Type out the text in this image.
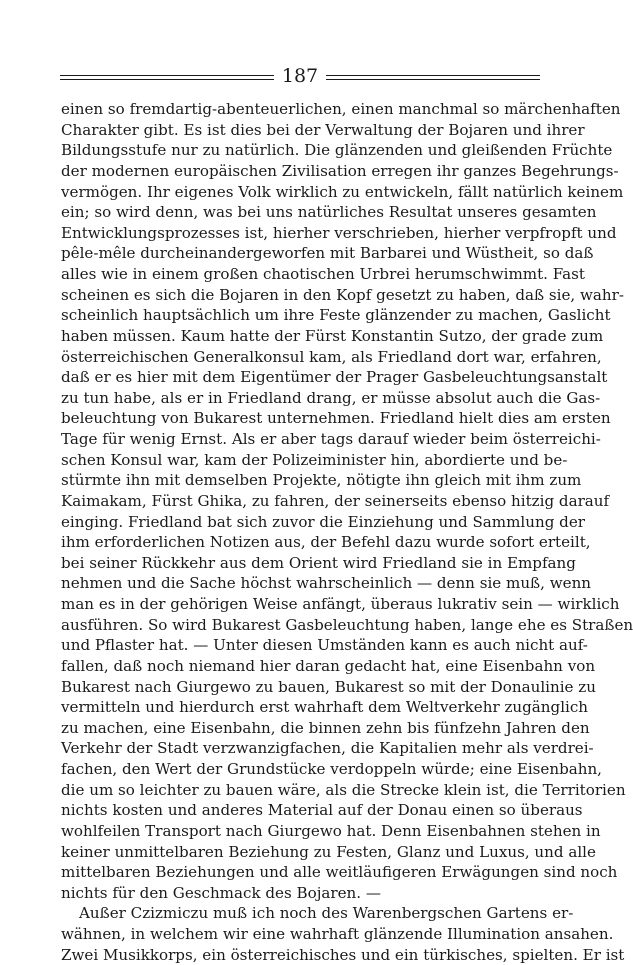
187
einen so fremdartig-abenteuerlichen, einen manchmal so märchenhaften
Charakter gibt. Es ist dies bei der Verwaltung der Bojaren und ihrer
Bildungsstufe nur zu natürlich. Die glänzenden und gleißenden Früchte
der modernen europäischen Zivilisation erregen ihr ganzes Begehrungs-
vermögen. Ihr eigenes Volk wirklich zu entwickeln, fällt natürlich keinem
ein; so wird denn, was bei uns natürliches Resultat unseres gesamten
Entwicklungsprozesses ist, hierher verschrieben, hierher verpfropft und
pêle-mêle durcheinandergeworfen mit Barbarei und Wüstheit, so daß
alles wie in einem großen chaotischen Urbrei herumschwimmt. Fast
scheinen es sich die Bojaren in den Kopf gesetzt zu haben, daß sie, wahr-
scheinlich hauptsächlich um ihre Feste glänzender zu machen, Gaslicht
haben müssen. Kaum hatte der Fürst Konstantin Sutzo, der grade zum
österreichischen Generalkonsul kam, als Friedland dort war, erfahren,
daß er es hier mit dem Eigentümer der Prager Gasbeleuchtungsanstalt
zu tun habe, als er in Friedland drang, er müsse absolut auch die Gas-
beleuchtung von Bukarest unternehmen. Friedland hielt dies am ersten
Tage für wenig Ernst. Als er aber tags darauf wieder beim österreichi-
schen Konsul war, kam der Polizeiminister hin, abordierte und be-
stürmte ihn mit demselben Projekte, nötigte ihn gleich mit ihm zum
Kaimakam, Fürst Ghika, zu fahren, der seinerseits ebenso hitzig darauf
einging. Friedland bat sich zuvor die Einziehung und Sammlung der
ihm erforderlichen Notizen aus, der Befehl dazu wurde sofort erteilt,
bei seiner Rückkehr aus dem Orient wird Friedland sie in Empfang
nehmen und die Sache höchst wahrscheinlich — denn sie muß, wenn
man es in der gehörigen Weise anfängt, überaus lukrativ sein — wirklich
ausführen. So wird Bukarest Gasbeleuchtung haben, lange ehe es Straßen
und Pflaster hat. — Unter diesen Umständen kann es auch nicht auf-
fallen, daß noch niemand hier daran gedacht hat, eine Eisenbahn von
Bukarest nach Giurgewo zu bauen, Bukarest so mit der Donaulinie zu
vermitteln und hierdurch erst wahrhaft dem Weltverkehr zugänglich
zu machen, eine Eisenbahn, die binnen zehn bis fünfzehn Jahren den
Verkehr der Stadt verzwanzigfachen, die Kapitalien mehr als verdrei-
fachen, den Wert der Grundstücke verdoppeln würde; eine Eisenbahn,
die um so leichter zu bauen wäre, als die Strecke klein ist, die Territorien
nichts kosten und anderes Material auf der Donau einen so überaus
wohlfeilen Transport nach Giurgewo hat. Denn Eisenbahnen stehen in
keiner unmittelbaren Beziehung zu Festen, Glanz und Luxus, und alle
mittelbaren Beziehungen und alle weitläufigeren Erwägungen sind noch
nichts für den Geschmack des Bojaren. —
Außer Czizmiczu muß ich noch des Warenbergschen Gartens er-
wähnen, in welchem wir eine wahrhaft glänzende Illumination ansahen.
Zwei Musikkorps, ein österreichisches und ein türkisches, spielten. Er ist
